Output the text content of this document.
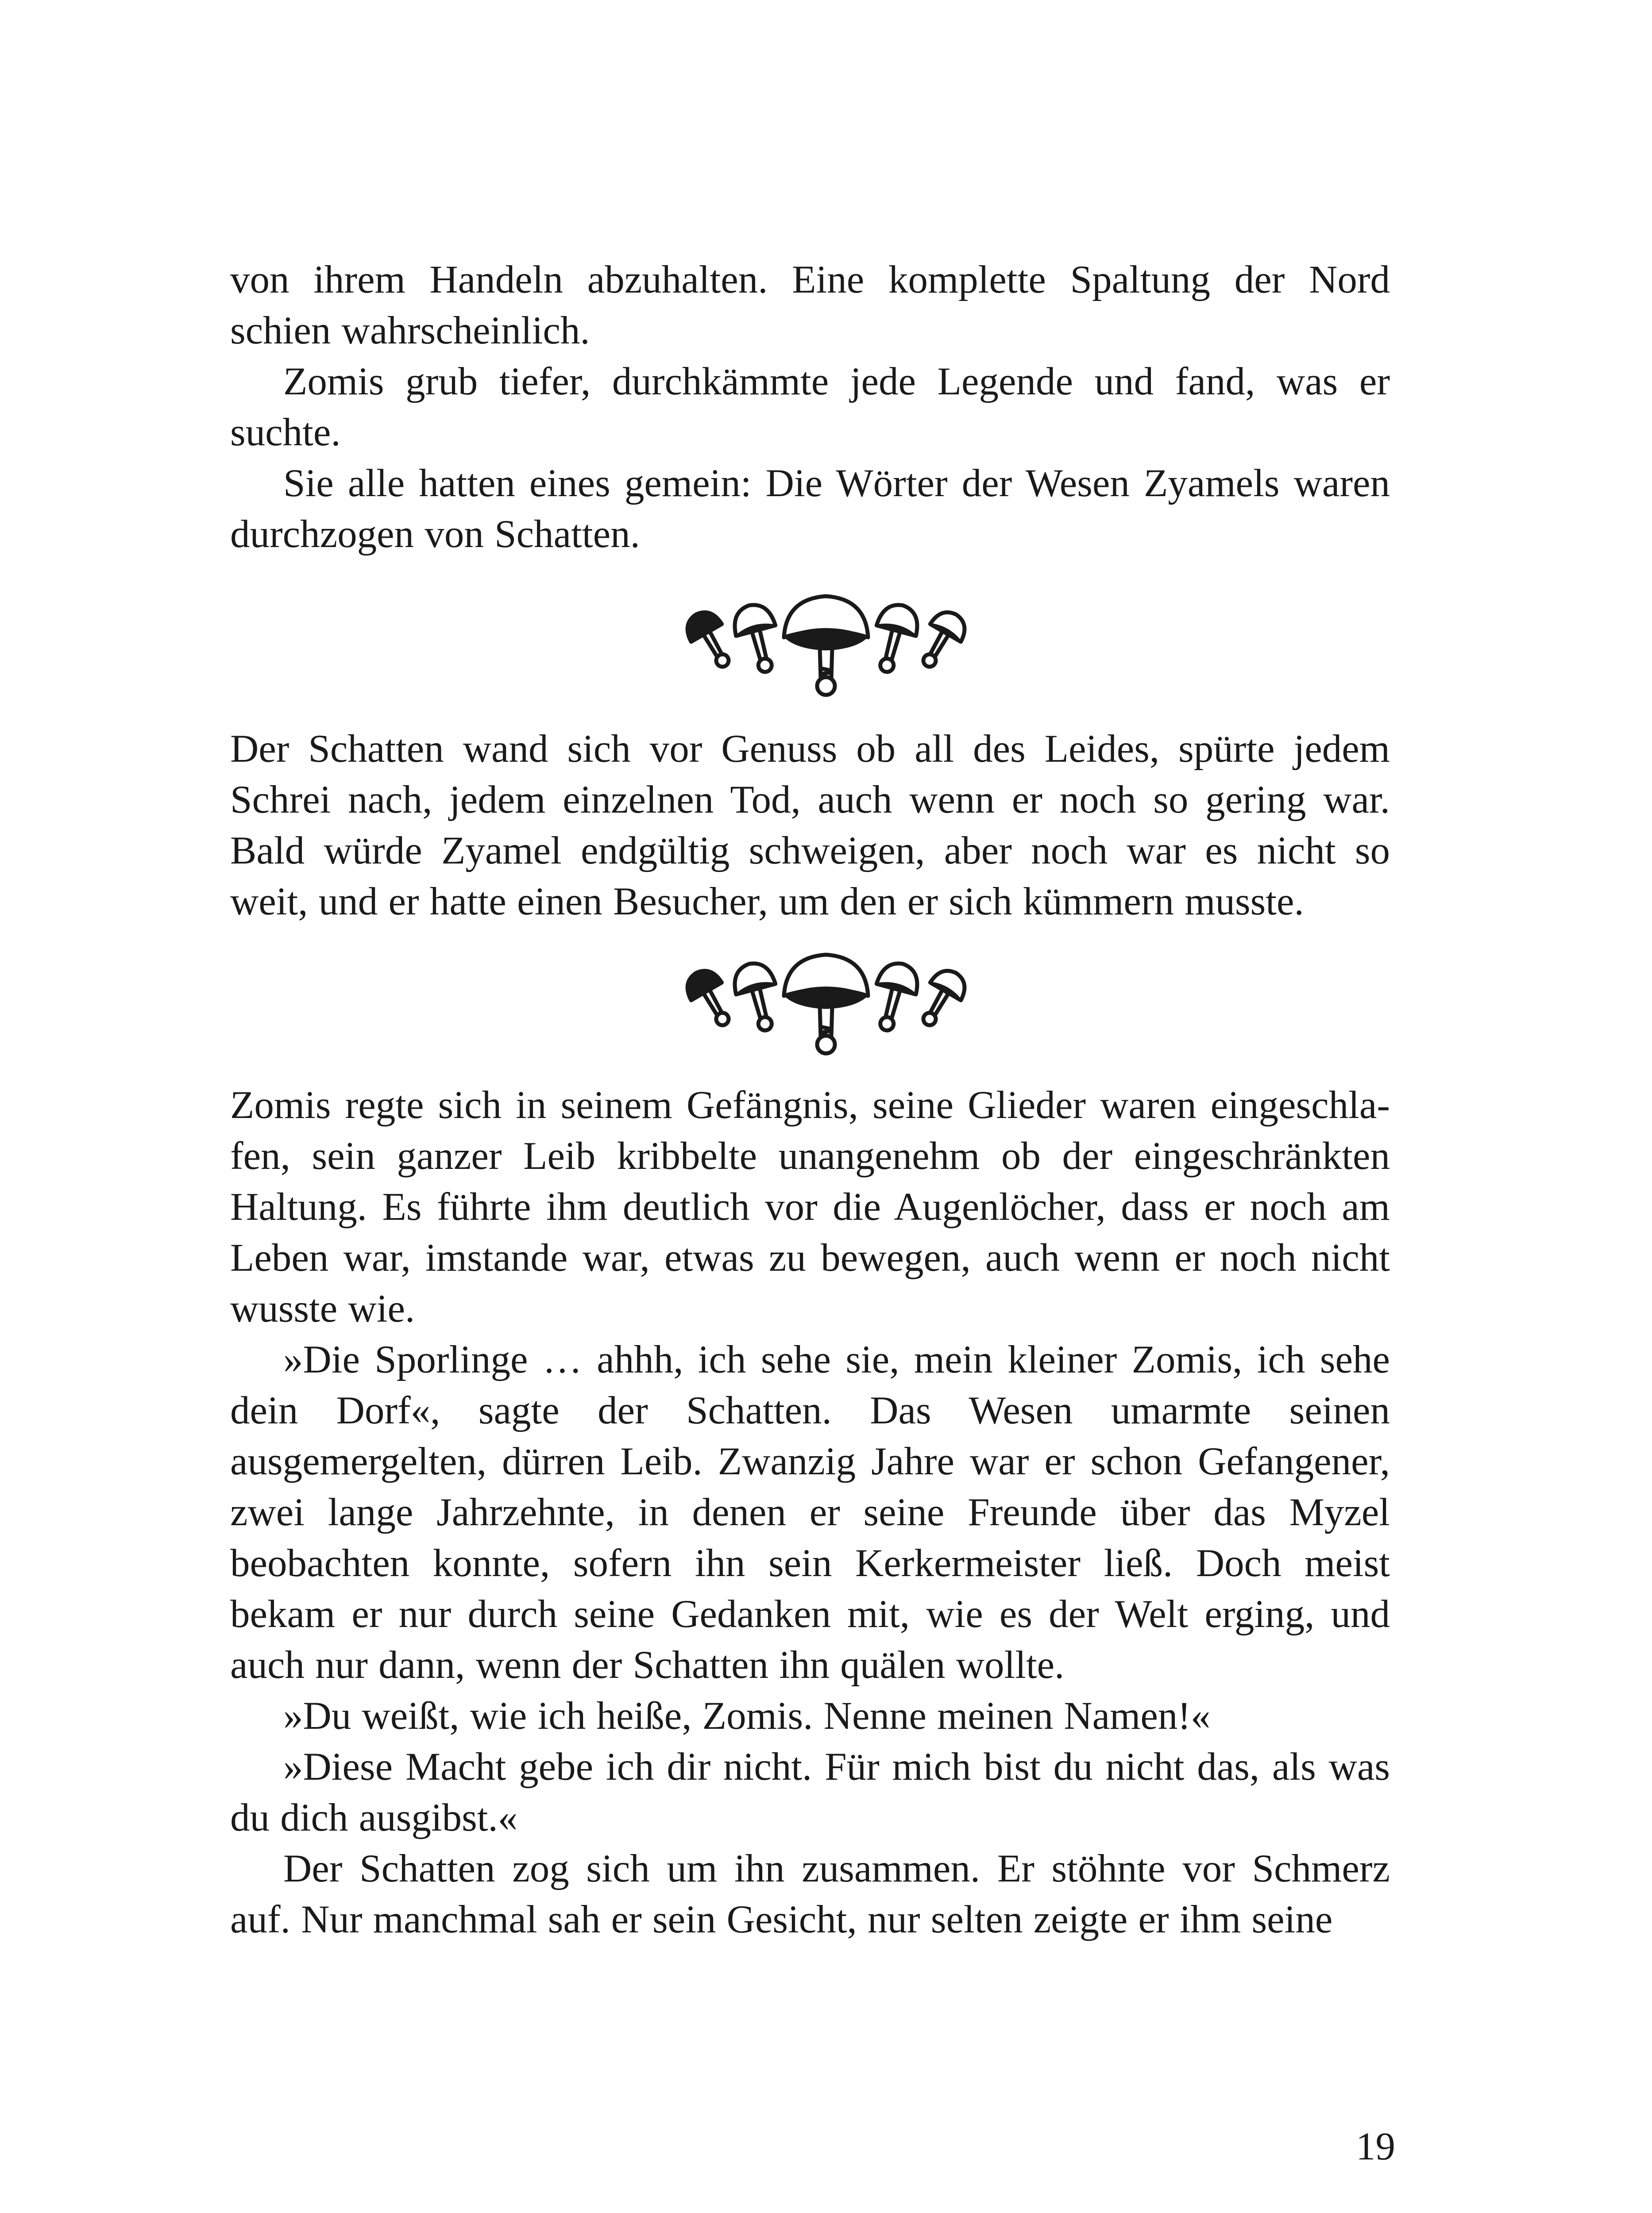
von ihrem Handeln abzuhalten. Eine komplette Spaltung der Nord schien wahrscheinlich.

Zomis grub tiefer, durchkämmte jede Legende und fand, was er suchte.

Sie alle hatten eines gemein: Die Wörter der Wesen Zyamels waren durchzogen von Schatten.

Der Schatten wand sich vor Genuss ob all des Leides, spürte jedem Schrei nach, jedem einzelnen Tod, auch wenn er noch so gering war. Bald würde Zyamel endgültig schweigen, aber noch war es nicht so weit, und er hatte einen Besucher, um den er sich kümmern musste.

Zomis regte sich in seinem Gefängnis, seine Glieder waren eingeschlafen, sein ganzer Leib kribbelte unangenehm ob der eingeschränkten Haltung. Es führte ihm deutlich vor die Augenlöcher, dass er noch am Leben war, imstande war, etwas zu bewegen, auch wenn er noch nicht wusste wie.

»Die Sporlinge … ahhh, ich sehe sie, mein kleiner Zomis, ich sehe dein Dorf«, sagte der Schatten. Das Wesen umarmte seinen ausgemergelten, dürren Leib. Zwanzig Jahre war er schon Gefangener, zwei lange Jahrzehnte, in denen er seine Freunde über das Myzel beobachten konnte, sofern ihn sein Kerkermeister ließ. Doch meist bekam er nur durch seine Gedanken mit, wie es der Welt erging, und auch nur dann, wenn der Schatten ihn quälen wollte.

»Du weißt, wie ich heiße, Zomis. Nenne meinen Namen!«

»Diese Macht gebe ich dir nicht. Für mich bist du nicht das, als was du dich ausgibst.«

Der Schatten zog sich um ihn zusammen. Er stöhnte vor Schmerz auf. Nur manchmal sah er sein Gesicht, nur selten zeigte er ihm seine

19
